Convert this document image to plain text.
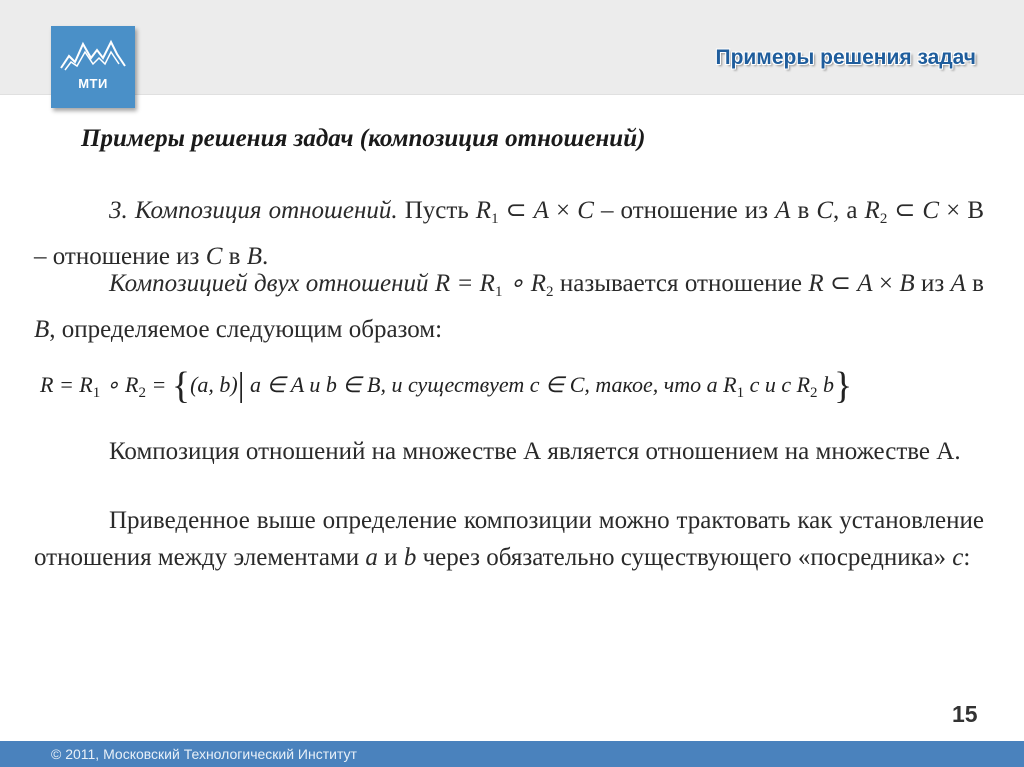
МТИ
Примеры решения задач
Примеры решения задач (композиция отношений)
3. Композиция отношений. Пусть $R_1$ ⊂ A × C – отношение из A в C, а $R_2$ ⊂ C × B – отношение из C в B.
Композицией двух отношений $R = R_1$ ∘ $R_2$ называется отношение R ⊂ A × B из A в B, определяемое следующим образом:
$R = R_1$ ∘ $R_2 = \{(a$, b)| a ∈ A и b ∈ B, и существует c ∈ C, такое, что a $R_1$ c и c $R_2$ b}
Композиция отношений на множестве А является отношением на множестве А.
Приведенное выше определение композиции можно трактовать как установление отношения между элементами a и b через обязательно существующего «посредника» c:
15
© 2011, Московский Технологический Институт
